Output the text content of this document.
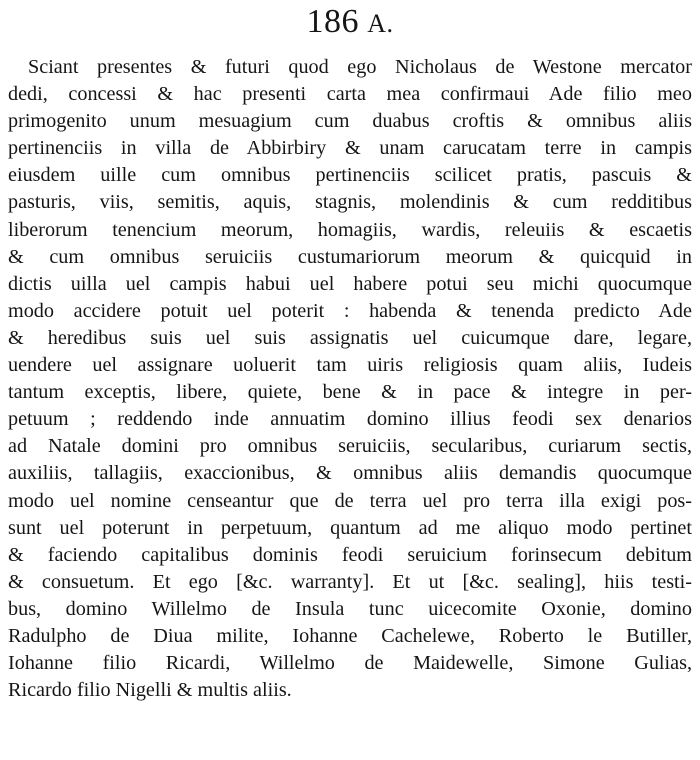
186 A.
Sciant presentes & futuri quod ego Nicholaus de Westone mercator
dedi, concessi & hac presenti carta mea confirmaui Ade filio meo
primogenito unum mesuagium cum duabus croftis & omnibus aliis
pertinenciis in villa de Abbirbiry & unam carucatam terre in campis
eiusdem uille cum omnibus pertinenciis scilicet pratis, pascuis &
pasturis, viis, semitis, aquis, stagnis, molendinis & cum redditibus
liberorum tenencium meorum, homagiis, wardis, releuiis & escaetis
& cum omnibus seruiciis custumariorum meorum & quicquid in
dictis uilla uel campis habui uel habere potui seu michi quocumque
modo accidere potuit uel poterit : habenda & tenenda predicto Ade
& heredibus suis uel suis assignatis uel cuicumque dare, legare,
uendere uel assignare uoluerit tam uiris religiosis quam aliis, Iudeis
tantum exceptis, libere, quiete, bene & in pace & integre in per-
petuum ; reddendo inde annuatim domino illius feodi sex denarios
ad Natale domini pro omnibus seruiciis, secularibus, curiarum sectis,
auxiliis, tallagiis, exaccionibus, & omnibus aliis demandis quocumque
modo uel nomine censeantur que de terra uel pro terra illa exigi pos-
sunt uel poterunt in perpetuum, quantum ad me aliquo modo pertinet
& faciendo capitalibus dominis feodi seruicium forinsecum debitum
& consuetum. Et ego [&c. warranty]. Et ut [&c. sealing], hiis testi-
bus, domino Willelmo de Insula tunc uicecomite Oxonie, domino
Radulpho de Diua milite, Iohanne Cachelewe, Roberto le Butiller,
Iohanne filio Ricardi, Willelmo de Maidewelle, Simone Gulias,
Ricardo filio Nigelli & multis aliis.
